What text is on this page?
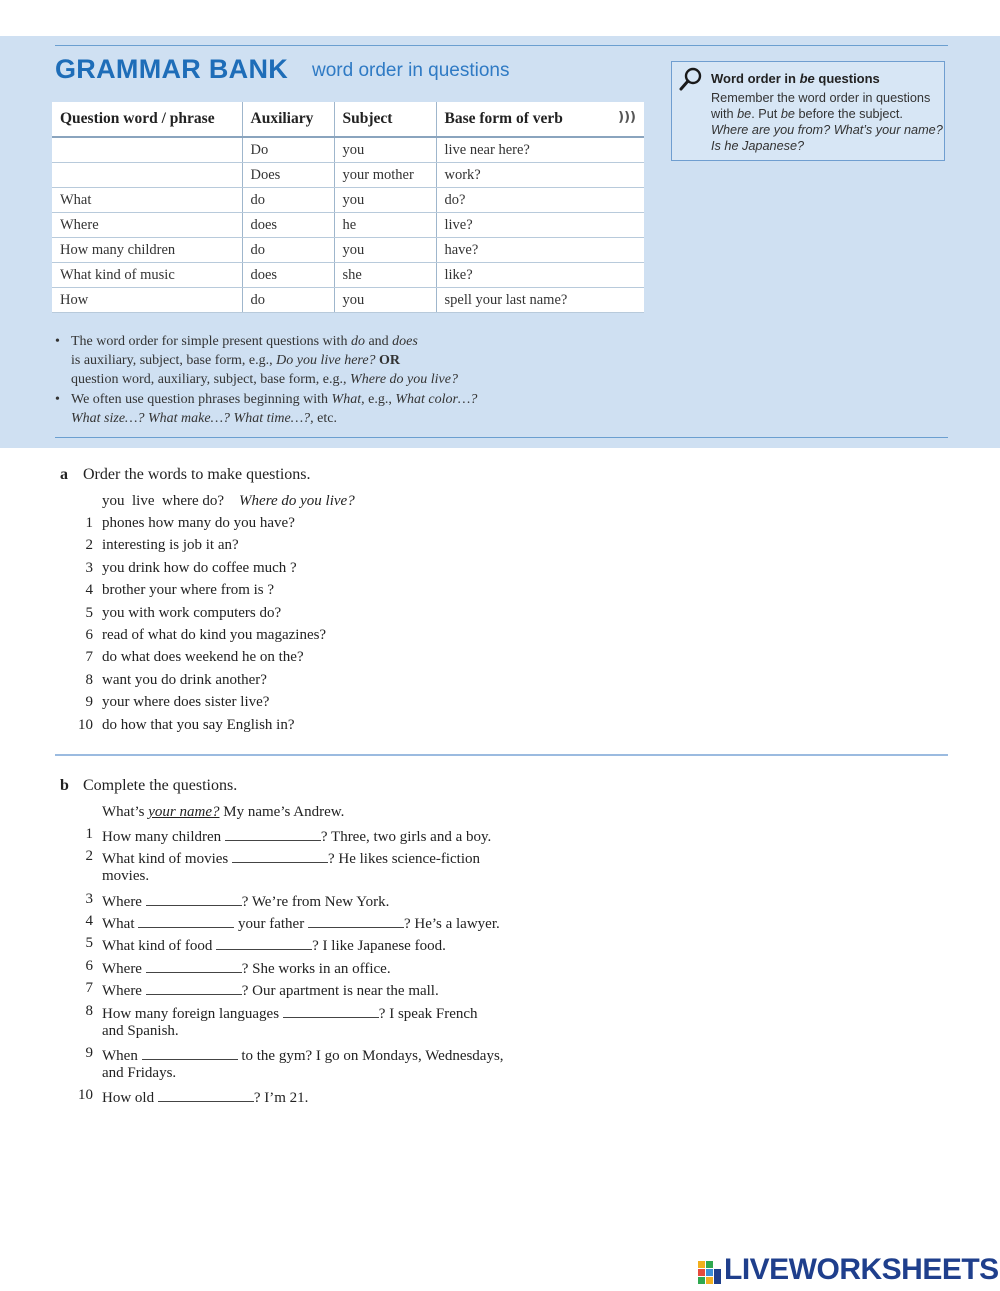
GRAMMAR BANK word order in questions
Question word / phrase	Auxiliary	Subject	Base form of verb )))

	Do	you	live near here?
	Does	your mother	work?
What	do	you	do?
Where	does	he	live?
How many children	do	you	have?
What kind of music	does	she	like?
How	do	you	spell your last name?
Word order in be questions
Remember the word order in questions with be. Put be before the subject. Where are you from? What’s your name? Is he Japanese?
• The word order for simple present questions with do and does
is auxiliary, subject, base form, e.g., Do you live here? OR
question word, auxiliary, subject, base form, e.g., Where do you live?
• We often use question phrases beginning with What, e.g., What color…?
What size…? What make…? What time…?, etc.
a Order the words to make questions.
you  live  where do? Where do you live?
1 phones how many do you have?
2 interesting is job it an?
3 you drink how do coffee much ?
4 brother your where from is ?
5 you with work computers do?
6 read of what do kind you magazines?
7 do what does weekend he on the?
8 want you do drink another?
9 your where does sister live?
10 do how that you say English in?
b Complete the questions.
What’s your name? My name’s Andrew.
1 How many children	? Three, two girls and a boy.
2 What kind of movies	? He likes science-fiction
movies.
3 Where	? We’re from New York.
4 What	your father	? He’s a lawyer.
5 What kind of food	? I like Japanese food.
6 Where	? She works in an office.
7 Where	? Our apartment is near the mall.
8 How many foreign languages	? I speak French
and Spanish.
9 When	to the gym? I go on Mondays, Wednesdays,
and Fridays.
10 How old	? I’m 21.
LIVEWORKSHEETS
